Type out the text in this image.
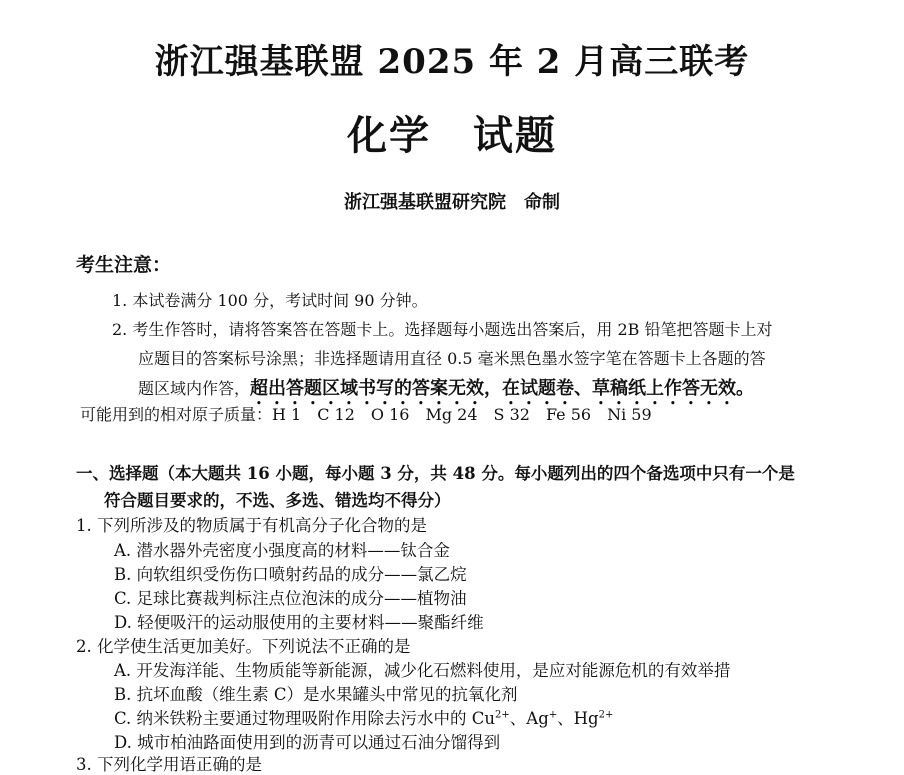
浙江强基联盟 2025 年 2 月高三联考
化学　试题
浙江强基联盟研究院　命制
考生注意：
1. 本试卷满分 100 分，考试时间 90 分钟。
2. 考生作答时，请将答案答在答题卡上。选择题每小题选出答案后，用 2B 铅笔把答题卡上对
应题目的答案标号涂黑；非选择题请用直径 0.5 毫米黑色墨水签字笔在答题卡上各题的答
题区域内作答，超出答题区域书写的答案无效，在试题卷、草稿纸上作答无效。
可能用到的相对原子质量：H 1　C 12　O 16　Mg 24　S 32　Fe 56　Ni 59
一、选择题（本大题共 16 小题，每小题 3 分，共 48 分。每小题列出的四个备选项中只有一个是
符合题目要求的，不选、多选、错选均不得分）
1. 下列所涉及的物质属于有机高分子化合物的是
A. 潜水器外壳密度小强度高的材料——钛合金
B. 向软组织受伤伤口喷射药品的成分——氯乙烷
C. 足球比赛裁判标注点位泡沫的成分——植物油
D. 轻便吸汗的运动服使用的主要材料——聚酯纤维
2. 化学使生活更加美好。下列说法不正确的是
A. 开发海洋能、生物质能等新能源，减少化石燃料使用，是应对能源危机的有效举措
B. 抗坏血酸（维生素 C）是水果罐头中常见的抗氧化剂
C. 纳米铁粉主要通过物理吸附作用除去污水中的 $Cu^{2+}$、Ag+、$Hg^{2+}$
D. 城市柏油路面使用到的沥青可以通过石油分馏得到
3. 下列化学用语正确的是
